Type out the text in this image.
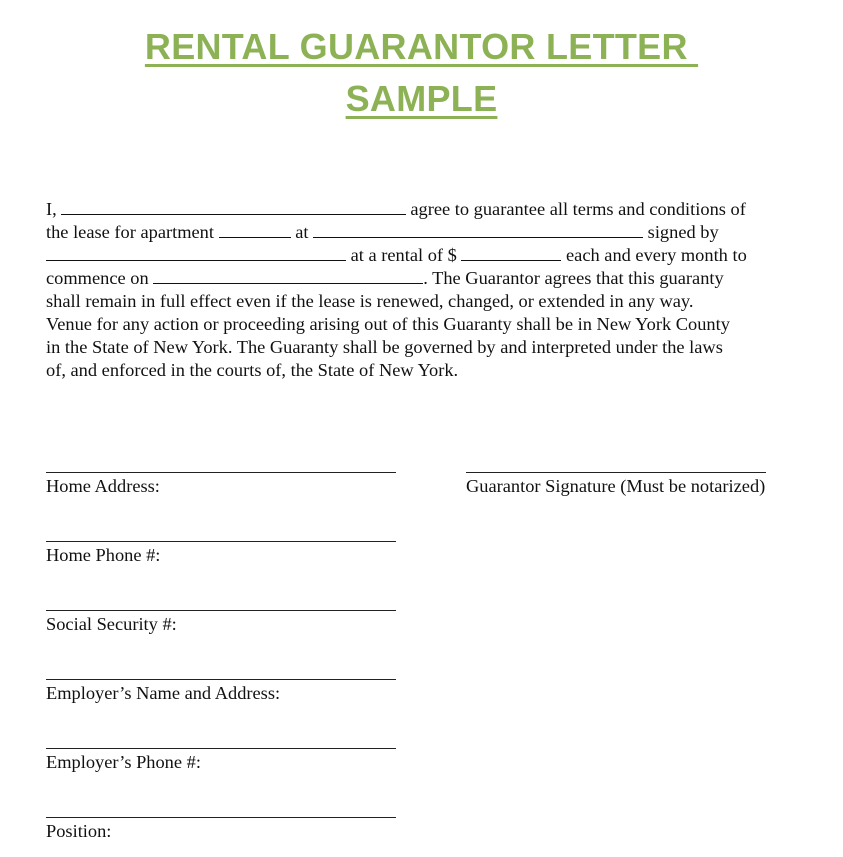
RENTAL GUARANTOR LETTER
SAMPLE
I,	agree to guarantee all terms and conditions of
the lease for apartment	at	signed by
at a rental of $	each and every month to
commence on	. The Guarantor agrees that this guaranty
shall remain in full effect even if the lease is renewed, changed, or extended in any way.
Venue for any action or proceeding arising out of this Guaranty shall be in New York County
in the State of New York. The Guaranty shall be governed by and interpreted under the laws
of, and enforced in the courts of, the State of New York.
Home Address:	Guarantor Signature (Must be notarized)
Home Phone #:
Social Security #:
Employer’s Name and Address:
Employer’s Phone #:
Position:
